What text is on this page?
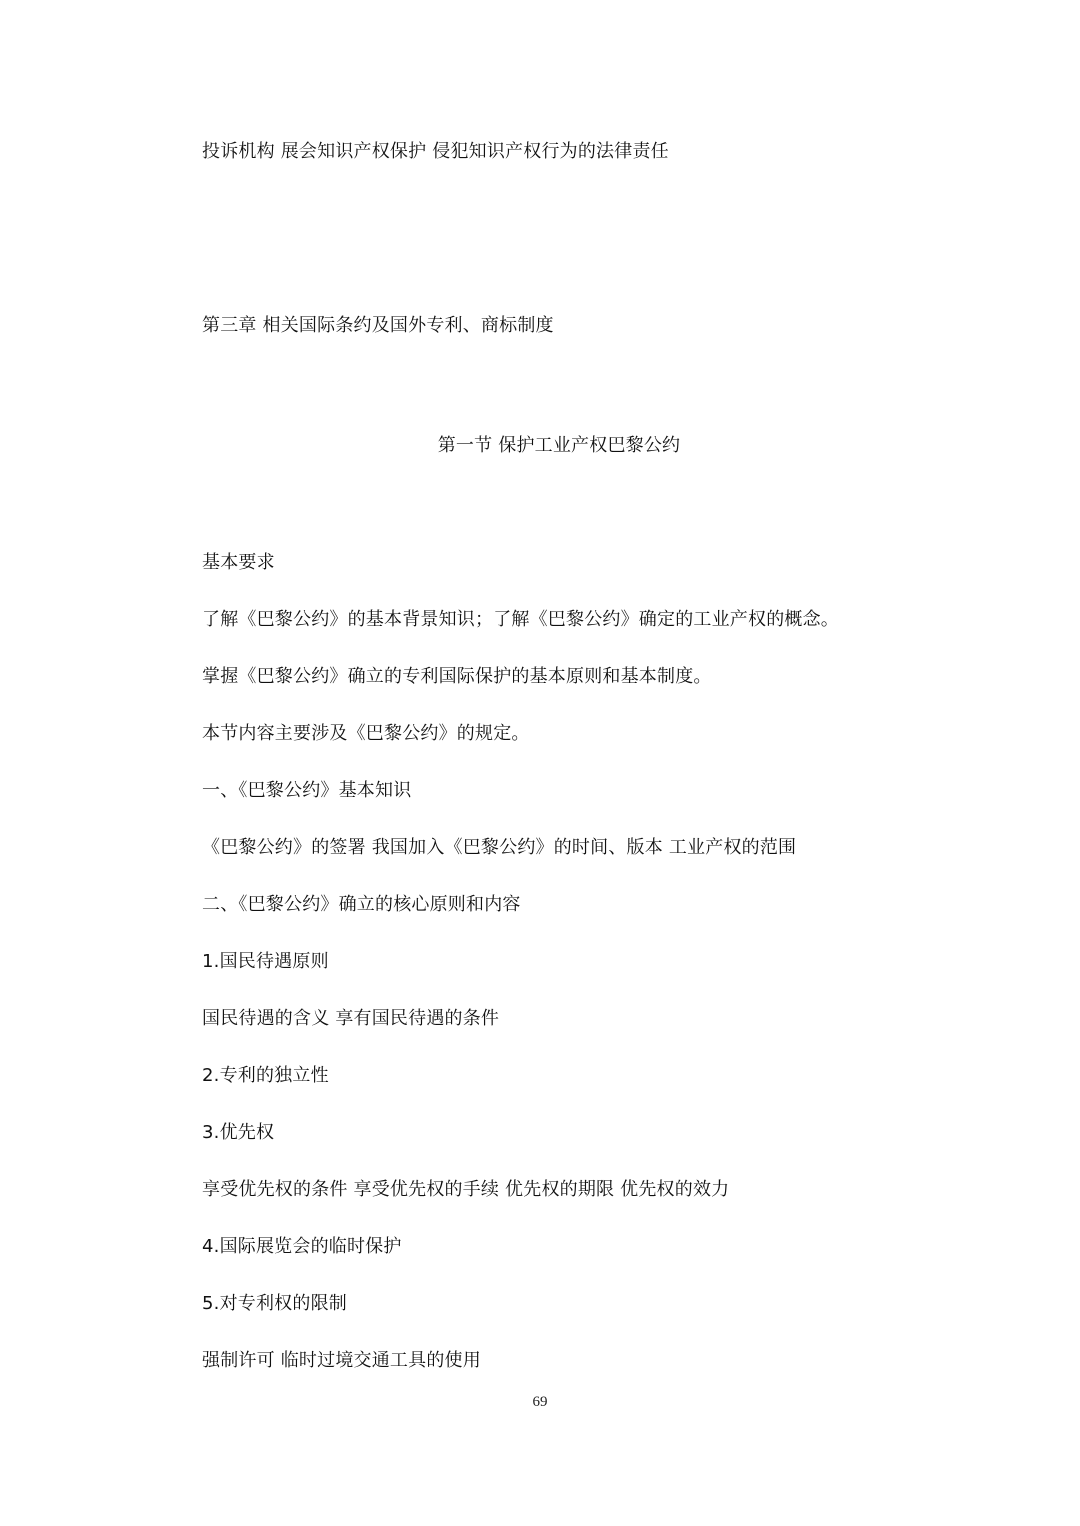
投诉机构 展会知识产权保护 侵犯知识产权行为的法律责任
第三章 相关国际条约及国外专利、商标制度
第一节 保护工业产权巴黎公约
基本要求
了解《巴黎公约》的基本背景知识；了解《巴黎公约》确定的工业产权的概念。
掌握《巴黎公约》确立的专利国际保护的基本原则和基本制度。
本节内容主要涉及《巴黎公约》的规定。
一、《巴黎公约》基本知识
《巴黎公约》的签署 我国加入《巴黎公约》的时间、版本 工业产权的范围
二、《巴黎公约》确立的核心原则和内容
1.国民待遇原则
国民待遇的含义 享有国民待遇的条件
2.专利的独立性
3.优先权
享受优先权的条件 享受优先权的手续 优先权的期限 优先权的效力
4.国际展览会的临时保护
5.对专利权的限制
强制许可 临时过境交通工具的使用
69
